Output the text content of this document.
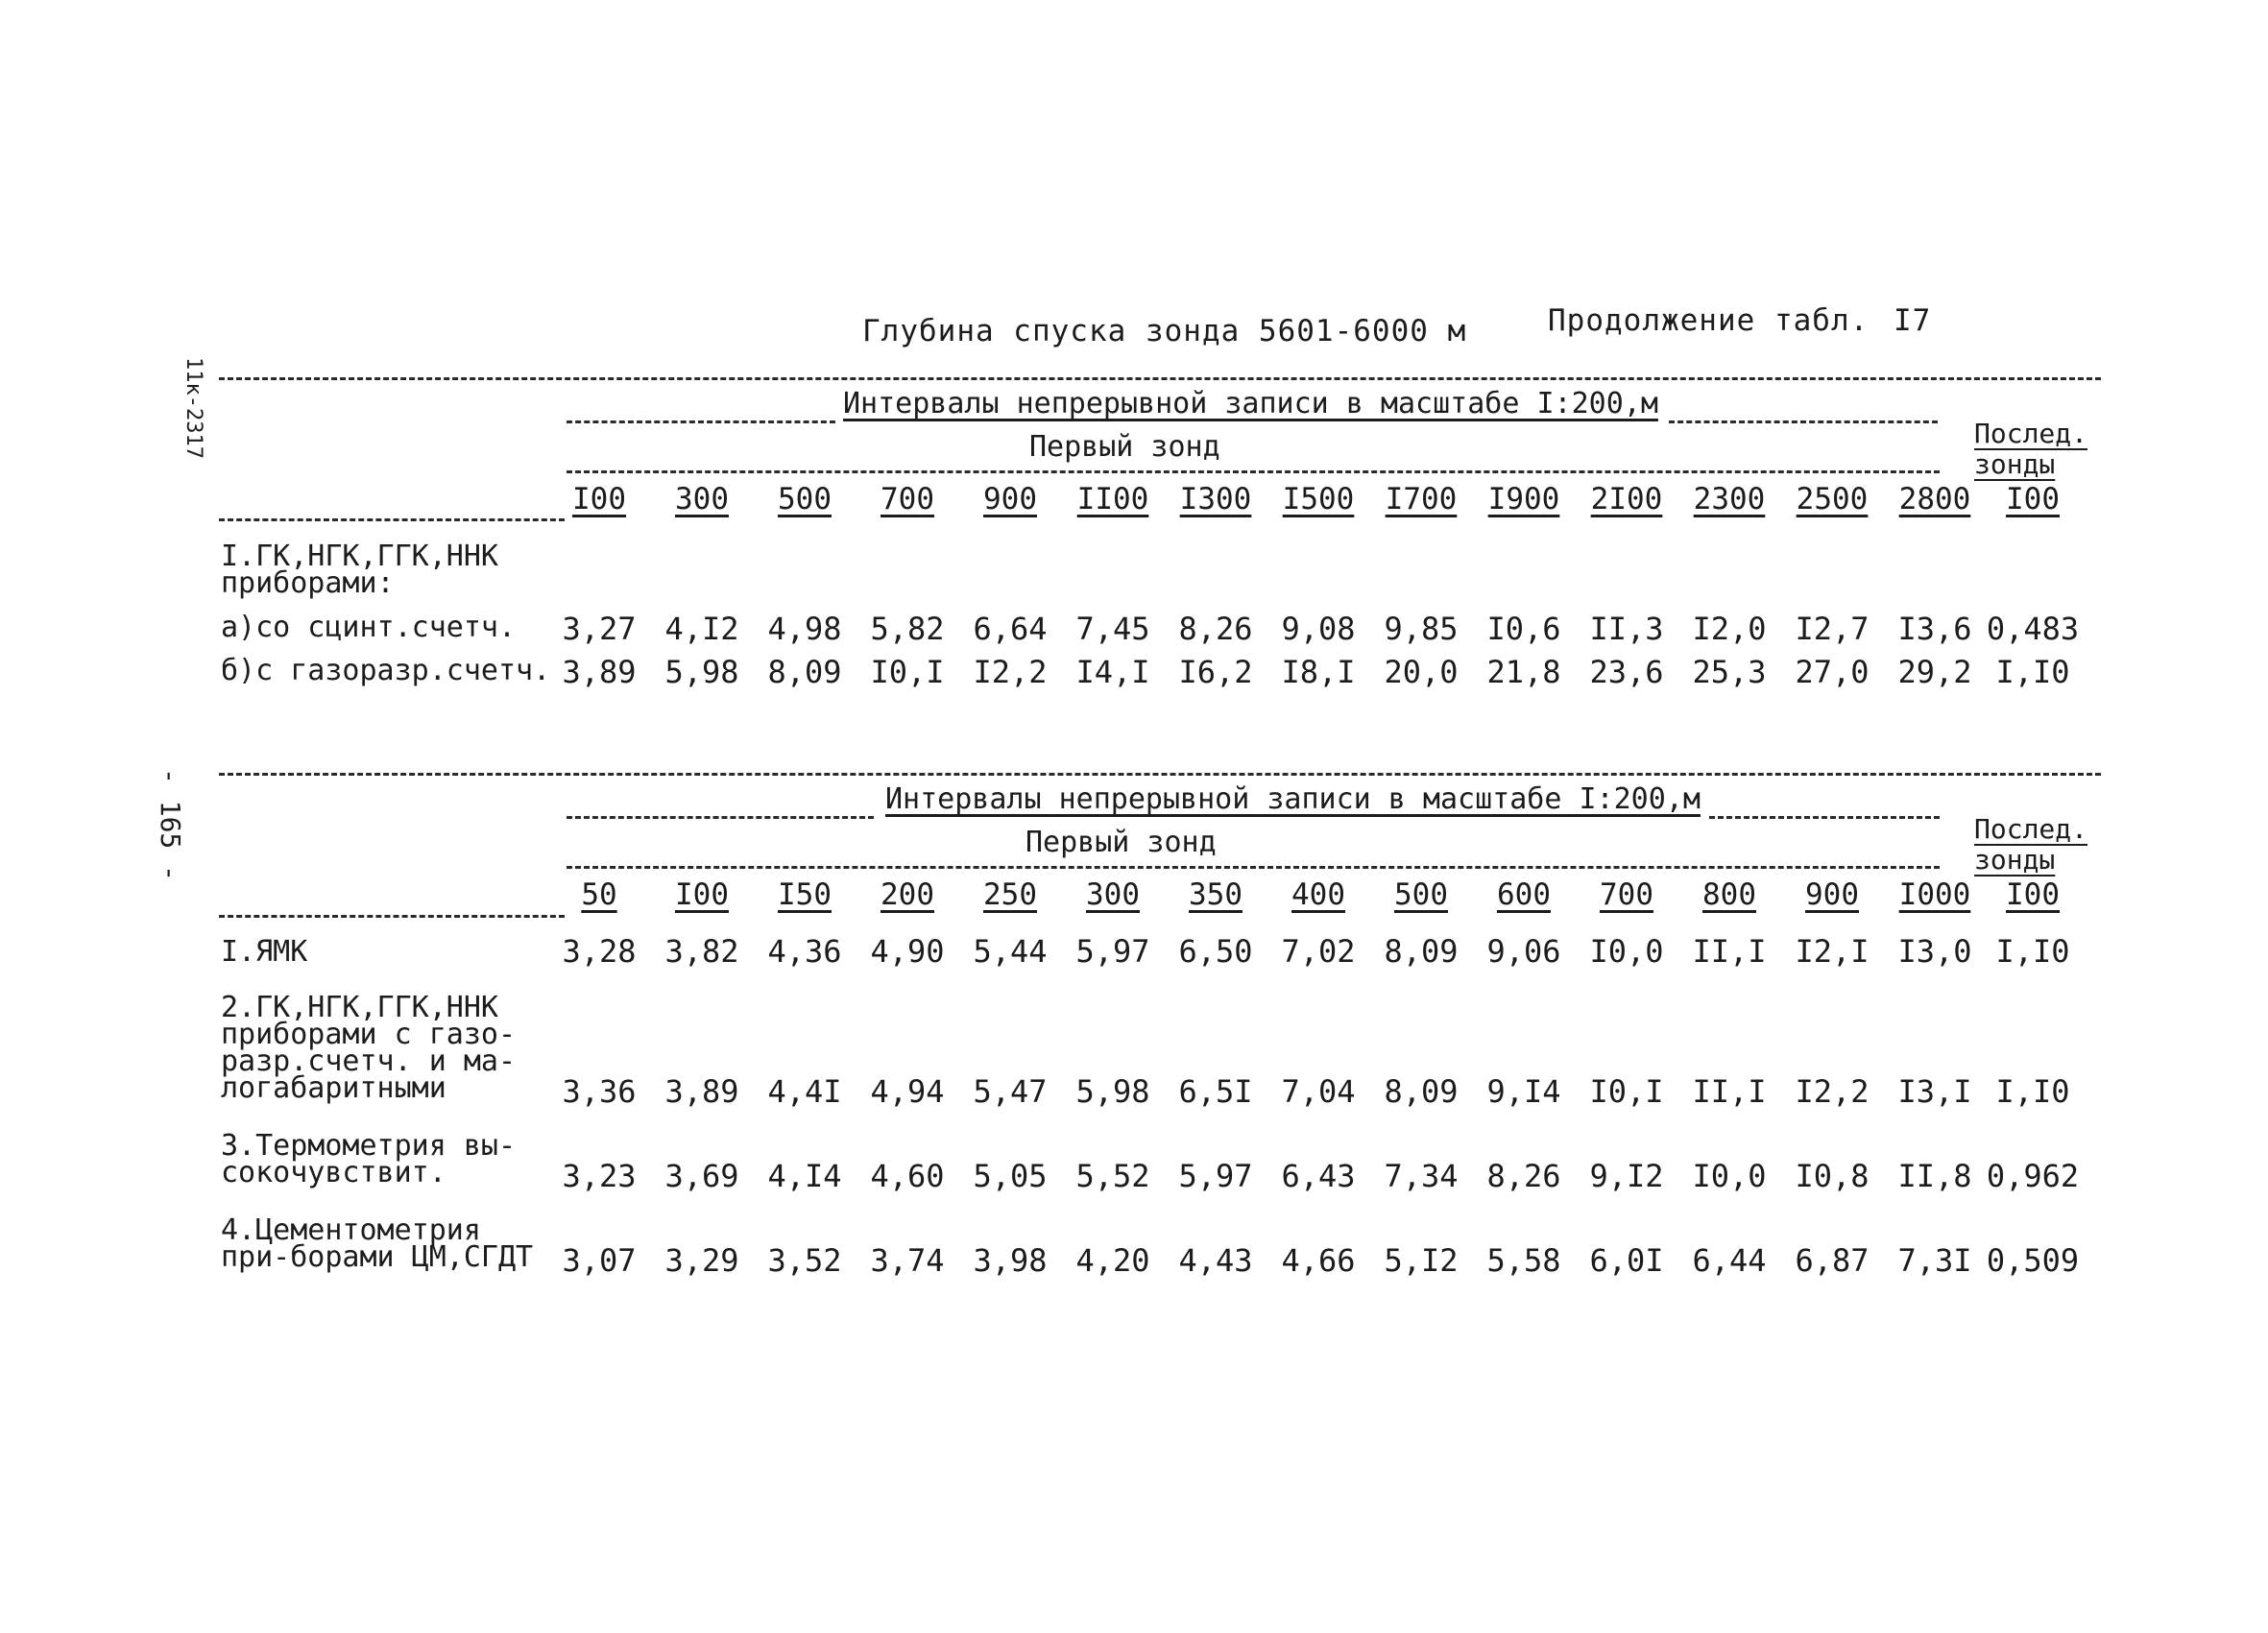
11к-2317
- 165 -
Глубина спуска зонда 5601-6000 м	Продолжение табл. I7
Интервалы непрерывной записи в масштабе I:200,м
Первый зонд	Послед. зонды
I00	300	500	700	900	II00	I300	I500	I700	I900	2I00	2300	2500	2800	I00
I.ГК,НГК,ГГК,ННК приборами:
а)со сцинт.счетч.	3,27 4,I2 4,98 5,82 6,64 7,45 8,26 9,08 9,85 I0,6 II,3 I2,0 I2,7 I3,6 0,483
б)с газоразр.счетч. 3,89 5,98 8,09 I0,I I2,2 I4,I I6,2 I8,I 20,0 21,8 23,6 25,3 27,0 29,2 I,I0
Интервалы непрерывной записи в масштабе I:200,м
Первый зонд	Послед. зонды
50	I00	I50	200	250	300	350	400	500	600	700	800	900	I000	I00
I.ЯМК	3,28 3,82 4,36 4,90 5,44 5,97 6,50 7,02 8,09 9,06 I0,0 II,I I2,I I3,0 I,I0
2.ГК,НГК,ГГК,ННК приборами с газо-разр.счетч. и ма-логабаритными	3,36 3,89 4,4I 4,94 5,47 5,98 6,5I 7,04 8,09 9,I4 I0,I II,I I2,2 I3,I I,I0
3.Термометрия вы-сокочувствит.	3,23 3,69 4,I4 4,60 5,05 5,52 5,97 6,43 7,34 8,26 9,I2 I0,0 I0,8 II,8 0,962
4.Цементометрия при-борами ЦМ,СГДТ 3,07 3,29 3,52 3,74 3,98 4,20 4,43 4,66 5,I2 5,58 6,0I 6,44 6,87 7,3I 0,509
